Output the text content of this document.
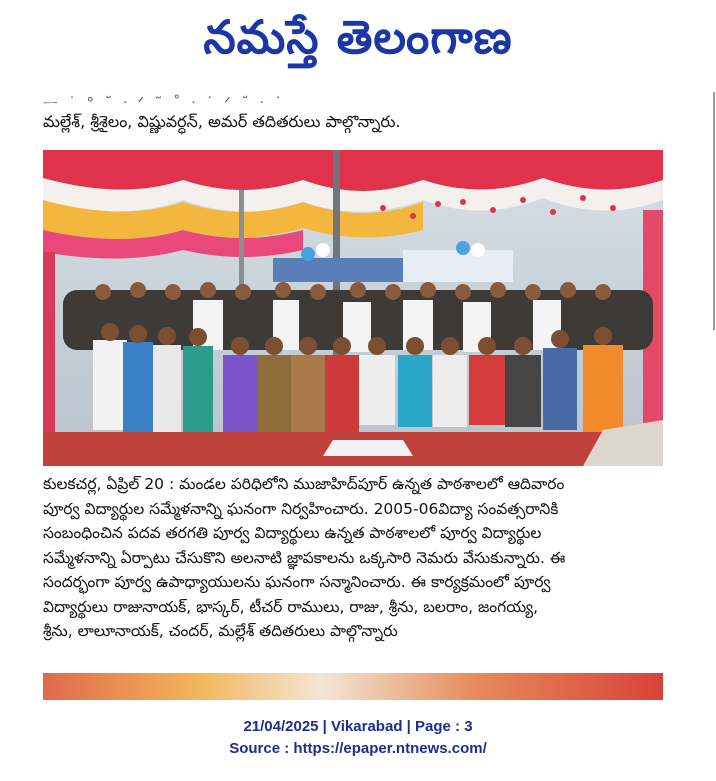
నమస్తే తెలంగాణ
ᅳ ˙ ° ˘ ᐧ ᐟ ˜ ˚ ᐧ ˙ ᐟ ˘ ᐧ ˙
మల్లేశ్, శ్రీశైలం, విష్ణువర్ధన్, అమర్ తదితరులు పాల్గొన్నారు.

కులకచర్ల, ఏప్రిల్ 20 : మండల పరిధిలోని ముజాహిద్‌పూర్ ఉన్నత పాఠశాలలో ఆదివారం

పూర్వ విద్యార్థుల సమ్మేళనాన్ని ఘనంగా నిర్వహించారు. 2005-06విద్యా సంవత్సరానికి

సంబంధించిన పదవ తరగతి పూర్వ విద్యార్థులు ఉన్నత పాఠశాలలో పూర్వ విద్యార్థుల

సమ్మేళనాన్ని ఏర్పాటు చేసుకొని అలనాటి జ్ఞాపకాలను ఒక్కసారి నెమరు వేసుకున్నారు. ఈ

సందర్భంగా పూర్వ ఉపాధ్యాయులను ఘనంగా సన్మానించారు. ఈ కార్యక్రమంలో పూర్వ

విద్యార్థులు రాజునాయక్, భాస్కర్, టీచర్ రాములు, రాజు, శ్రీను, బలరాం, జంగయ్య,

శ్రీను, లాలూనాయక్, చందర్, మల్లేశ్ తదితరులు పాల్గొన్నారు

21/04/2025 | Vikarabad | Page : 3
Source : https://epaper.ntnews.com/
